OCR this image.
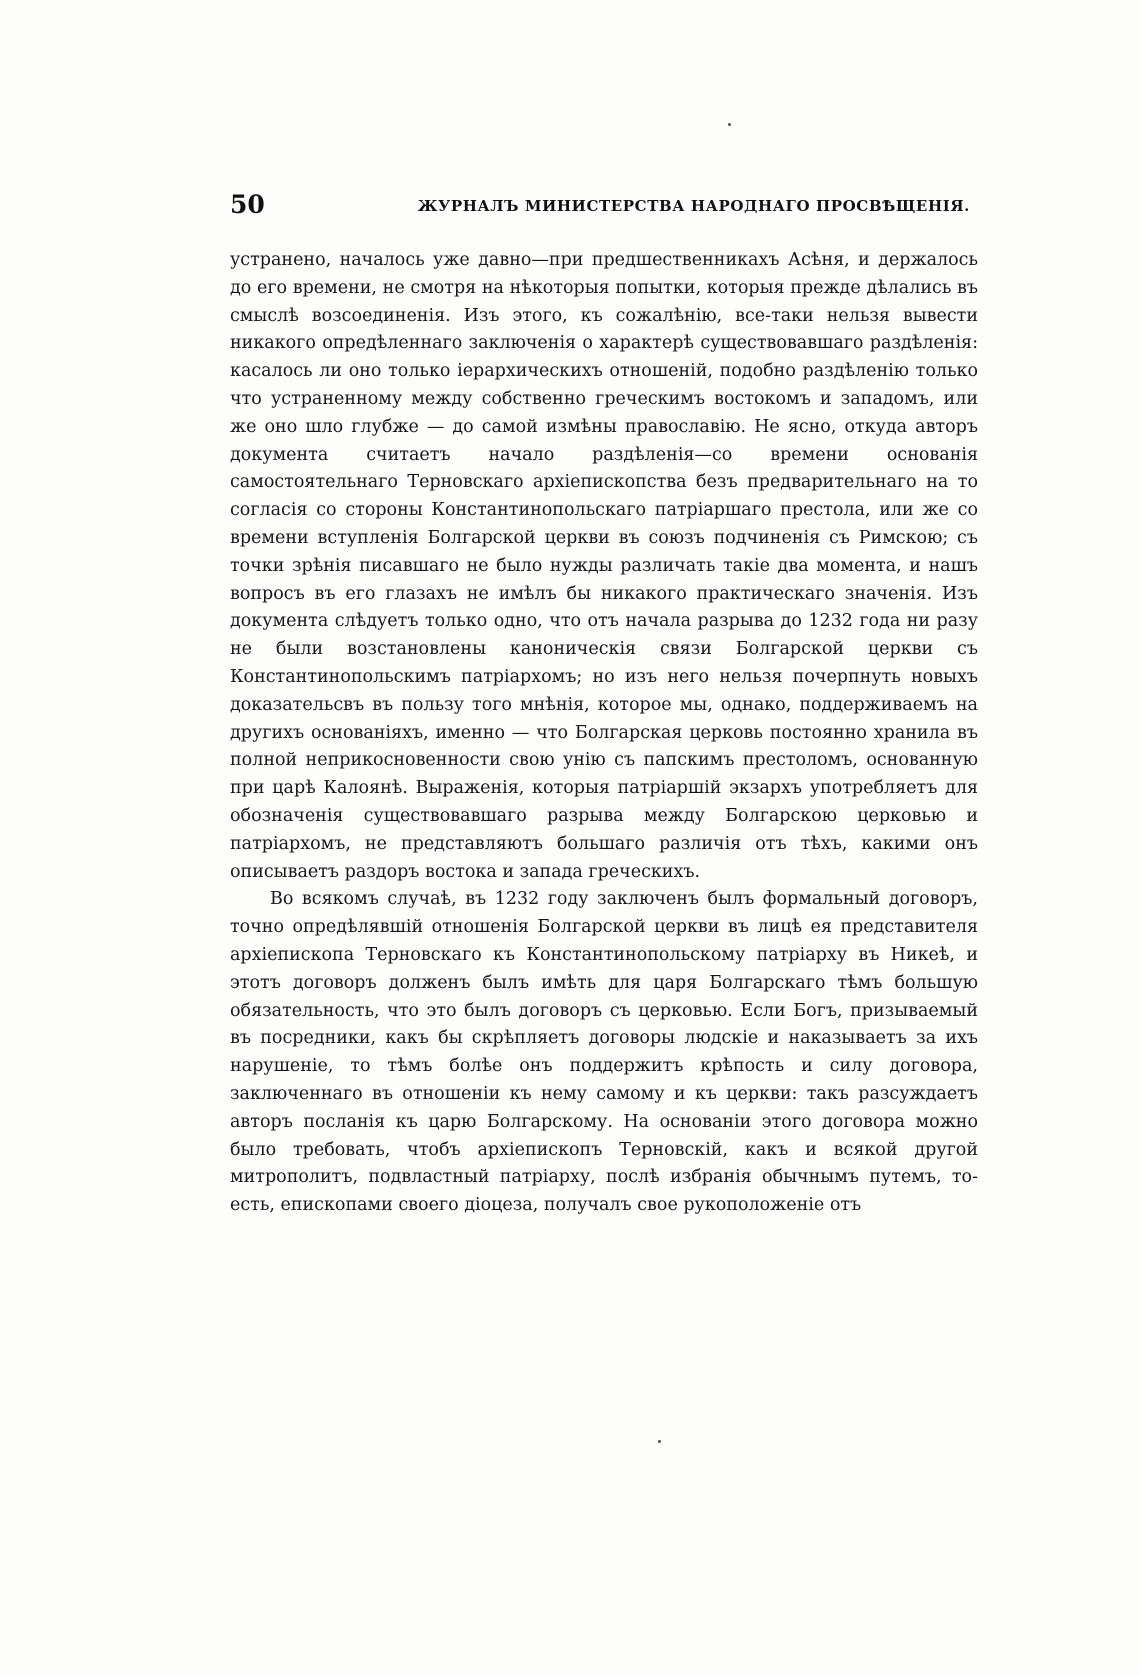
50	ЖУРНАЛЪ МИНИСТЕРСТВА НАРОДНАГО ПРОСВѢЩЕНІЯ.

устранено, началось уже давно—при предшественникахъ Асѣня, и держалось до его времени, не смотря на нѣкоторыя попытки, которыя прежде дѣлались въ смыслѣ возсоединенія. Изъ этого, къ сожалѣнію, все-таки нельзя вывести никакого опредѣленнаго заключенія о характерѣ существовавшаго раздѣленія: касалось ли оно только іерархическихъ отношеній, подобно раздѣленію только что устраненному между собственно греческимъ востокомъ и западомъ, или же оно шло глубже — до самой измѣны православію. Не ясно, откуда авторъ документа считаетъ начало раздѣленія—со времени основанія самостоятельнаго Терновскаго архіепископства безъ предварительнаго на то согласія со стороны Константинопольскаго патріаршаго престола, или же со времени вступленія Болгарской церкви въ союзъ подчиненія съ Римскою; съ точки зрѣнія писавшаго не было нужды различать такіе два момента, и нашъ вопросъ въ его глазахъ не имѣлъ бы никакого практическаго значенія. Изъ документа слѣдуетъ только одно, что отъ начала разрыва до 1232 года ни разу не были возстановлены каноническія связи Болгарской церкви съ Константинопольскимъ патріархомъ; но изъ него нельзя почерпнуть новыхъ доказательсвъ въ пользу того мнѣнія, которое мы, однако, поддерживаемъ на другихъ основаніяхъ, именно — что Болгарская церковь постоянно хранила въ полной неприкосновенности свою унію съ папскимъ престоломъ, основанную при царѣ Калоянѣ. Выраженія, которыя патріаршій экзархъ употребляетъ для обозначенія существовавшаго разрыва между Болгарскою церковью и патріархомъ, не представляютъ большаго различія отъ тѣхъ, какими онъ описываетъ раздоръ востока и запада греческихъ.

Во всякомъ случаѣ, въ 1232 году заключенъ былъ формальный договоръ, точно опредѣлявшій отношенія Болгарской церкви въ лицѣ ея представителя архіепископа Терновскаго къ Константинопольскому патріарху въ Никеѣ, и этотъ договоръ долженъ былъ имѣть для царя Болгарскаго тѣмъ большую обязательность, что это былъ договоръ съ церковью. Если Богъ, призываемый въ посредники, какъ бы скрѣпляетъ договоры людскіе и наказываетъ за ихъ нарушеніе, то тѣмъ болѣе онъ поддержитъ крѣпость и силу договора, заключеннаго въ отношеніи къ нему самому и къ церкви: такъ разсуждаетъ авторъ посланія къ царю Болгарскому. На основаніи этого договора можно было требовать, чтобъ архіепископъ Терновскій, какъ и всякой другой митрополитъ, подвластный патріарху, послѣ избранія обычнымъ путемъ, то-есть, епископами своего діоцеза, получалъ свое рукоположеніе отъ
